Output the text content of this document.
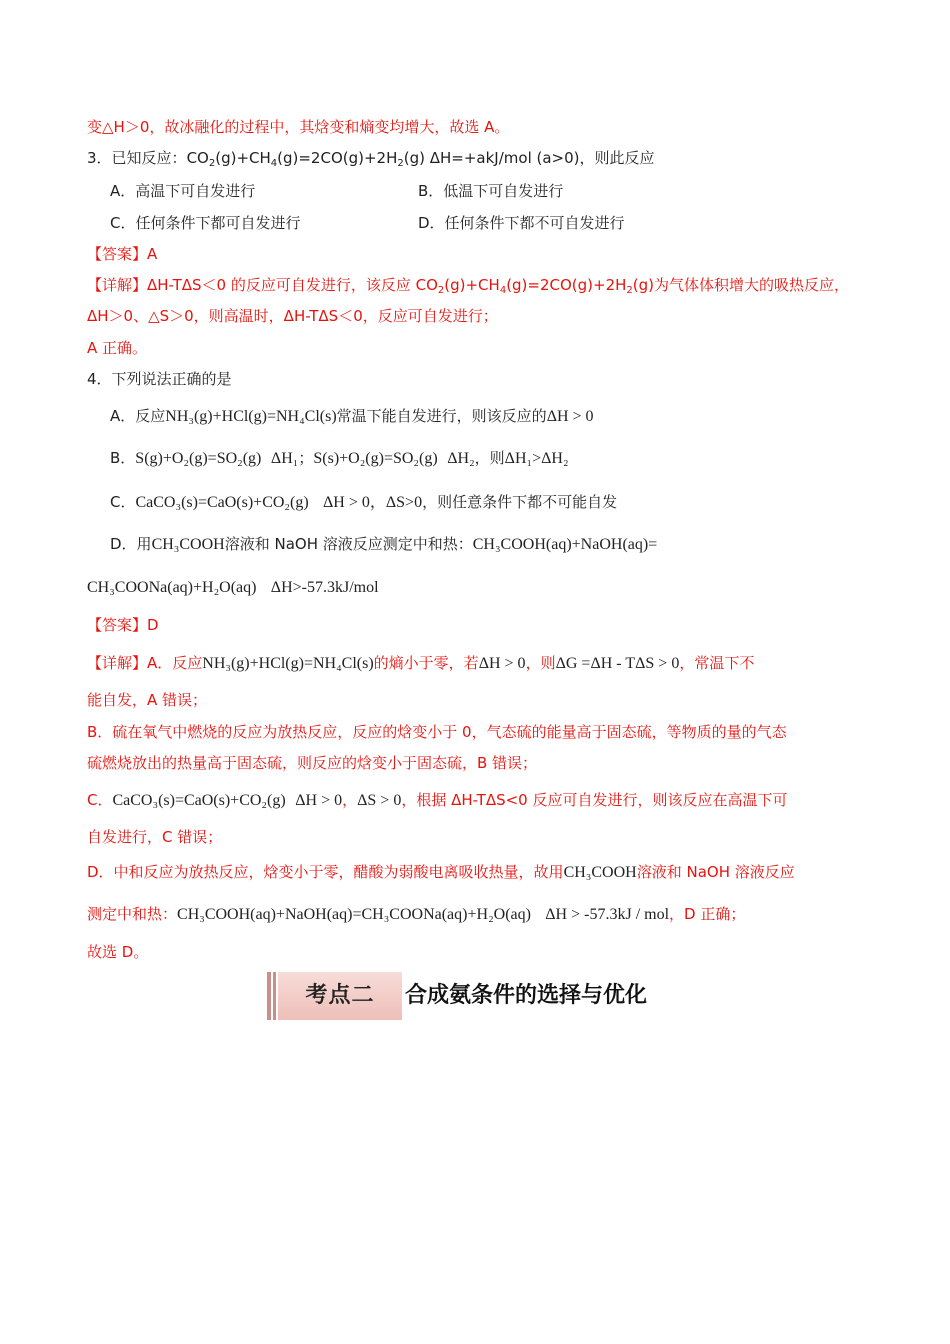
变△H＞0，故冰融化的过程中，其焓变和熵变均增大，故选 A。
3．已知反应：$CO_2(g)+CH_4(g)=2CO(g)+2H_2(g)$ ΔH=+akJ/mol (a>0)，则此反应
A．高温下可自发进行	B．低温下可自发进行
C．任何条件下都可自发进行	D．任何条件下都不可自发进行
【答案】A
【详解】ΔH-TΔS＜0 的反应可自发进行，该反应 $CO_2(g)+CH_4(g)=2CO(g)+2H_2(g)$为气体体积增大的吸热反应，
ΔH＞0、△S＞0，则高温时，ΔH-TΔS＜0，反应可自发进行；
A 正确。
4．下列说法正确的是
A．反应NH₃(g)+HCl(g)=NH₄Cl(s)常温下能自发进行，则该反应的ΔH > 0
B．S(g)+O₂(g)=SO₂(g) ΔH₁；S(s)+O₂(g)=SO₂(g) ΔH₂，则ΔH₁>ΔH₂
C．CaCO₃(s)=CaO(s)+CO₂(g) ΔH > 0，ΔS>0，则任意条件下都不可能自发
D．用CH₃COOH溶液和 NaOH 溶液反应测定中和热：CH₃COOH(aq)+NaOH(aq)=
CH₃COONa(aq)+H₂O(aq) ΔH>-57.3kJ/mol
【答案】D
【详解】A．反应NH₃(g)+HCl(g)=NH₄Cl(s)的熵小于零，若ΔH > 0，则ΔG =ΔH - TΔS > 0，常温下不
能自发，A 错误；
B．硫在氧气中燃烧的反应为放热反应，反应的焓变小于 0，气态硫的能量高于固态硫，等物质的量的气态
硫燃烧放出的热量高于固态硫，则反应的焓变小于固态硫，B 错误；
C．CaCO₃(s)=CaO(s)+CO₂(g) ΔH > 0，ΔS > 0，根据 ΔH-TΔS<0 反应可自发进行，则该反应在高温下可
自发进行，C 错误；
D．中和反应为放热反应，焓变小于零，醋酸为弱酸电离吸收热量，故用CH₃COOH溶液和 NaOH 溶液反应
测定中和热：CH₃COOH(aq)+NaOH(aq)=CH₃COONa(aq)+H₂O(aq) ΔH > -57.3kJ / mol，D 正确；
故选 D。
考点二	合成氨条件的选择与优化
